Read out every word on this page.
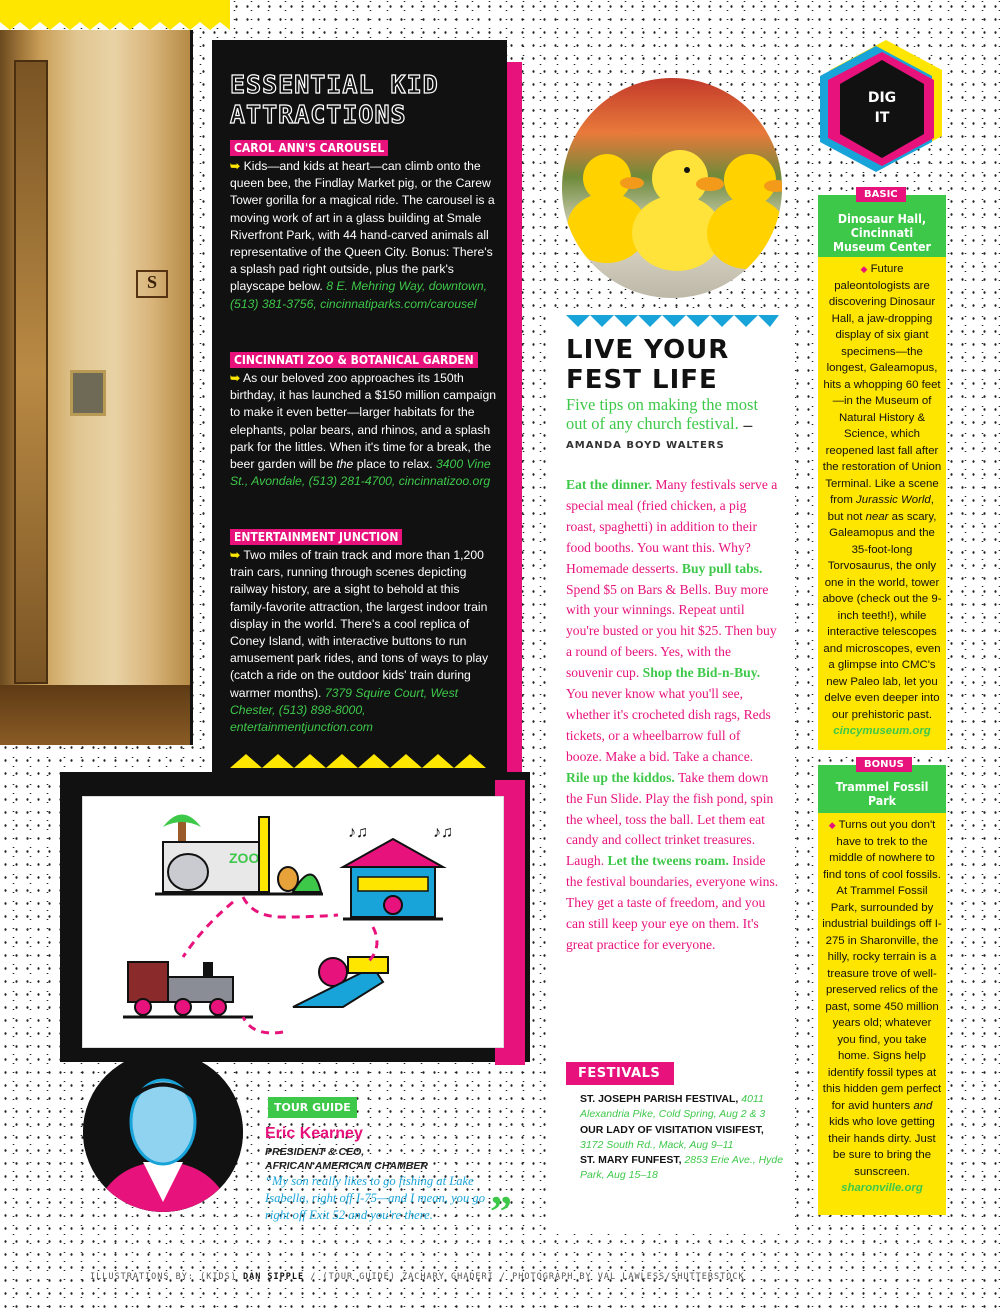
S
ESSENTIAL KID
ATTRACTIONS
CAROL ANN'S CAROUSEL
➥ Kids—and kids at heart—can climb onto the queen bee, the Findlay Market pig, or the Carew Tower gorilla for a magical ride. The carousel is a moving work of art in a glass building at Smale Riverfront Park, with 44 hand-carved animals all representative of the Queen City. Bonus: There's a splash pad right outside, plus the park's playscape below. 8 E. Mehring Way, downtown, (513) 381-3756, cincinnatiparks.com/carousel
CINCINNATI ZOO & BOTANICAL GARDEN
➥ As our beloved zoo approaches its 150th birthday, it has launched a $150 million campaign to make it even better—larger habitats for the elephants, polar bears, and rhinos, and a splash park for the littles. When it's time for a break, the beer garden will be the place to relax. 3400 Vine St., Avondale, (513) 281-4700, cincinnatizoo.org
ENTERTAINMENT JUNCTION
➥ Two miles of train track and more than 1,200 train cars, running through scenes depicting railway history, are a sight to behold at this family-favorite attraction, the largest indoor train display in the world. There's a cool replica of Coney Island, with interactive buttons to run amusement park rides, and tons of ways to play (catch a ride on the outdoor kids' train during warmer months). 7379 Squire Court, West Chester, (513) 898-8000, entertainmentjunction.com
ZOO
♪♫	♪♫
TOUR GUIDE
Eric Kearney
PRESIDENT & CEO,
AFRICAN AMERICAN CHAMBER
“My son really likes to go fishing at Lake Isabella, right off I-75—and I mean, you go right off Exit 52 and you're there.	”
LIVE YOUR
FEST LIFE
Five tips on making the most out of any church festival. —AMANDA BOYD WALTERS
Eat the dinner. Many festivals serve a special meal (fried chicken, a pig roast, spaghetti) in addition to their food booths. You want this. Why? Homemade desserts. Buy pull tabs. Spend $5 on Bars & Bells. Buy more with your winnings. Repeat until you're busted or you hit $25. Then buy a round of beers. Yes, with the souvenir cup. Shop the Bid-n-Buy. You never know what you'll see, whether it's crocheted dish rags, Reds tickets, or a wheelbarrow full of booze. Make a bid. Take a chance. Rile up the kiddos. Take them down the Fun Slide. Play the fish pond, spin the wheel, toss the ball. Let them eat candy and collect trinket treasures. Laugh. Let the tweens roam. Inside the festival boundaries, everyone wins. They get a taste of freedom, and you can still keep your eye on them. It's great practice for everyone.
FESTIVALS
ST. JOSEPH PARISH FESTIVAL, 4011 Alexandria Pike, Cold Spring, Aug 2 & 3
OUR LADY OF VISITATION VISIFEST, 3172 South Rd., Mack, Aug 9–11
ST. MARY FUNFEST, 2853 Erie Ave., Hyde Park, Aug 15–18
DIG
IT
BASIC
Dinosaur Hall, Cincinnati Museum Center
◆ Future paleontologists are discovering Dinosaur Hall, a jaw-dropping display of six giant specimens—the longest, Galeamopus, hits a whopping 60 feet—in the Museum of Natural History & Science, which reopened last fall after the restoration of Union Terminal. Like a scene from Jurassic World, but not near as scary, Galeamopus and the 35-foot-long Torvosaurus, the only one in the world, tower above (check out the 9-inch teeth!), while interactive telescopes and microscopes, even a glimpse into CMC's new Paleo lab, let you delve even deeper into our prehistoric past.
cincymuseum.org
BONUS
Trammel Fossil Park
◆ Turns out you don't have to trek to the middle of nowhere to find tons of cool fossils. At Trammel Fossil Park, surrounded by industrial buildings off I-275 in Sharonville, the hilly, rocky terrain is a treasure trove of well-preserved relics of the past, some 450 million years old; whatever you find, you take home. Signs help identify fossil types at this hidden gem perfect for avid hunters and kids who love getting their hands dirty. Just be sure to bring the sunscreen.
sharonville.org
ILLUSTRATIONS BY: (KIDS) DAN SIPPLE / (TOUR GUIDE) ZACHARY GHADERI / PHOTOGRAPH BY VAL LAWLESS/SHUTTERSTOCK
